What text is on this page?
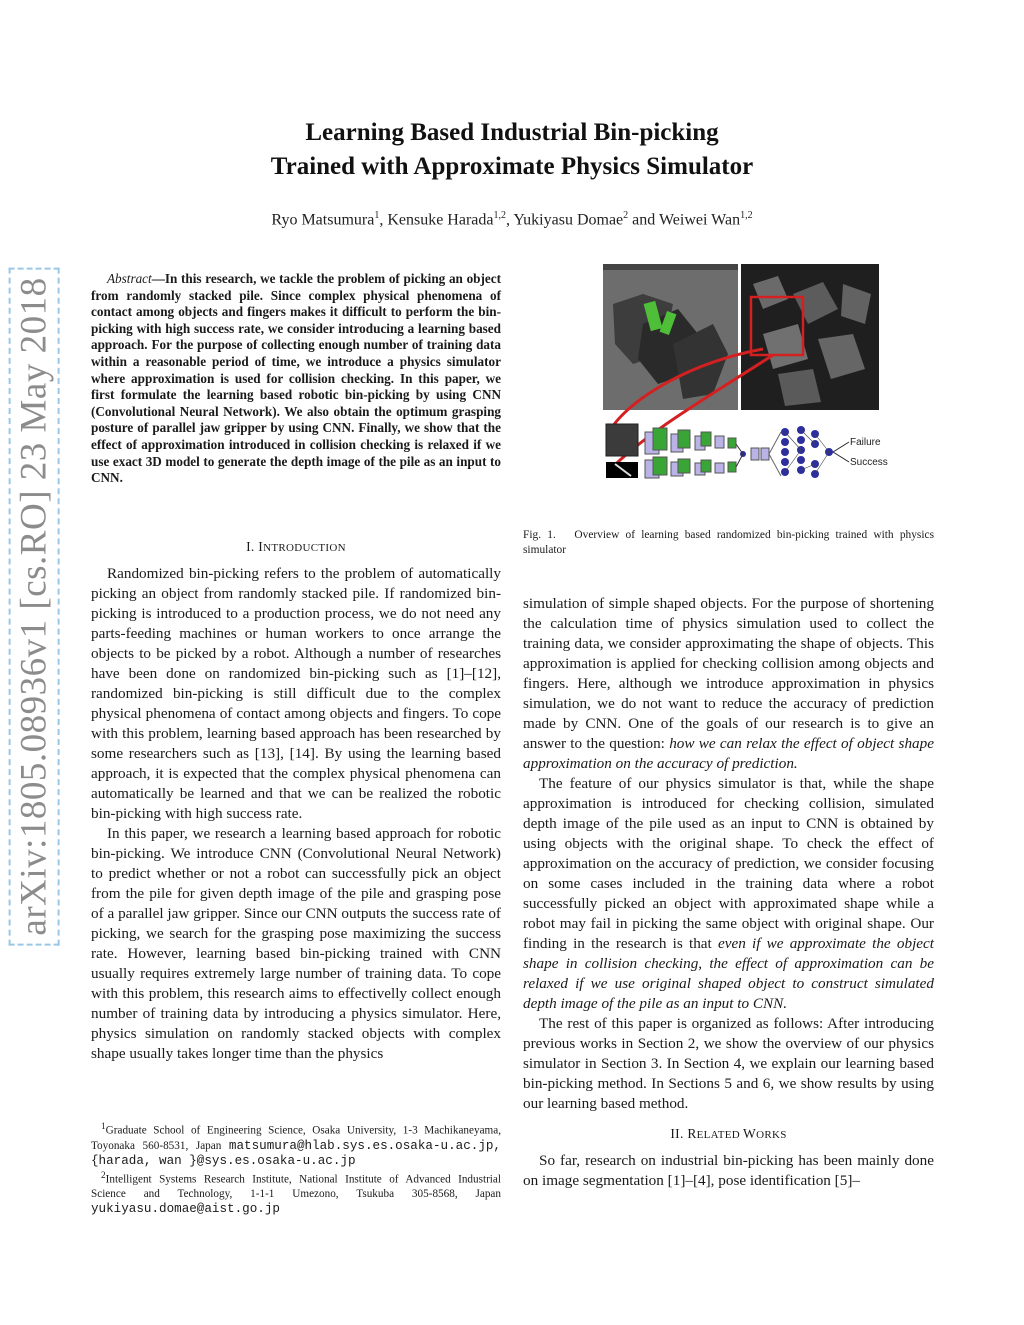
arXiv:1805.08936v1 [cs.RO] 23 May 2018
Learning Based Industrial Bin-picking
Trained with Approximate Physics Simulator
Ryo Matsumura$^1$, Kensuke Harada$^{1,2}$, Yukiyasu Domae$^2$ and Weiwei Wan$^{1,2}$
Abstract—In this research, we tackle the problem of picking an object from randomly stacked pile. Since complex physical phenomena of contact among objects and fingers makes it difficult to perform the bin-picking with high success rate, we consider introducing a learning based approach. For the purpose of collecting enough number of training data within a reasonable period of time, we introduce a physics simulator where approximation is used for collision checking. In this paper, we first formulate the learning based robotic bin-picking by using CNN (Convolutional Neural Network). We also obtain the optimum grasping posture of parallel jaw gripper by using CNN. Finally, we show that the effect of approximation introduced in collision checking is relaxed if we use exact 3D model to generate the depth image of the pile as an input to CNN.
I. INTRODUCTION

Randomized bin-picking refers to the problem of automatically picking an object from randomly stacked pile. If randomized bin-picking is introduced to a production process, we do not need any parts-feeding machines or human workers to once arrange the objects to be picked by a robot. Although a number of researches have been done on randomized bin-picking such as [1]–[12], randomized bin-picking is still difficult due to the complex physical phenomena of contact among objects and fingers. To cope with this problem, learning based approach has been researched by some researchers such as [13], [14]. By using the learning based approach, it is expected that the complex physical phenomena can automatically be learned and that we can be realized the robotic bin-picking with high success rate.

In this paper, we research a learning based approach for robotic bin-picking. We introduce CNN (Convolutional Neural Network) to predict whether or not a robot can successfully pick an object from the pile for given depth image of the pile and grasping pose of a parallel jaw gripper. Since our CNN outputs the success rate of picking, we search for the grasping pose maximizing the success rate. However, learning based bin-picking trained with CNN usually requires extremely large number of training data. To cope with this problem, this research aims to effectivelly collect enough number of training data by introducing a physics simulator. Here, physics simulation on randomly stacked objects with complex shape usually takes longer time than the physics

$^1$Graduate School of Engineering Science, Osaka University, 1-3 Machikaneyama, Toyonaka 560-8531, Japan matsumura@hlab.sys.es.osaka-u.ac.jp, {harada, wan }@sys.es.osaka-u.ac.jp

$^2$Intelligent Systems Research Institute, National Institute of Advanced Industrial Science and Technology, 1-1-1 Umezono, Tsukuba 305-8568, Japan yukiyasu.domae@aist.go.jp

Failure
Success
Fig. 1. Overview of learning based randomized bin-picking trained with physics simulator

simulation of simple shaped objects. For the purpose of shortening the calculation time of physics simulation used to collect the training data, we consider approximating the shape of objects. This approximation is applied for checking collision among objects and fingers. Here, although we introduce approximation in physics simulation, we do not want to reduce the accuracy of prediction made by CNN. One of the goals of our research is to give an answer to the question: how we can relax the effect of object shape approximation on the accuracy of prediction.

The feature of our physics simulator is that, while the shape approximation is introduced for checking collision, simulated depth image of the pile used as an input to CNN is obtained by using objects with the original shape. To check the effect of approximation on the accuracy of prediction, we consider focusing on some cases included in the training data where a robot successfully picked an object with approximated shape while a robot may fail in picking the same object with original shape. Our finding in the research is that even if we approximate the object shape in collision checking, the effect of approximation can be relaxed if we use original shaped object to construct simulated depth image of the pile as an input to CNN.

The rest of this paper is organized as follows: After introducing previous works in Section 2, we show the overview of our physics simulator in Section 3. In Section 4, we explain our learning based bin-picking method. In Sections 5 and 6, we show results by using our learning based method.

II. RELATED WORKS

So far, research on industrial bin-picking has been mainly done on image segmentation [1]–[4], pose identification [5]–
